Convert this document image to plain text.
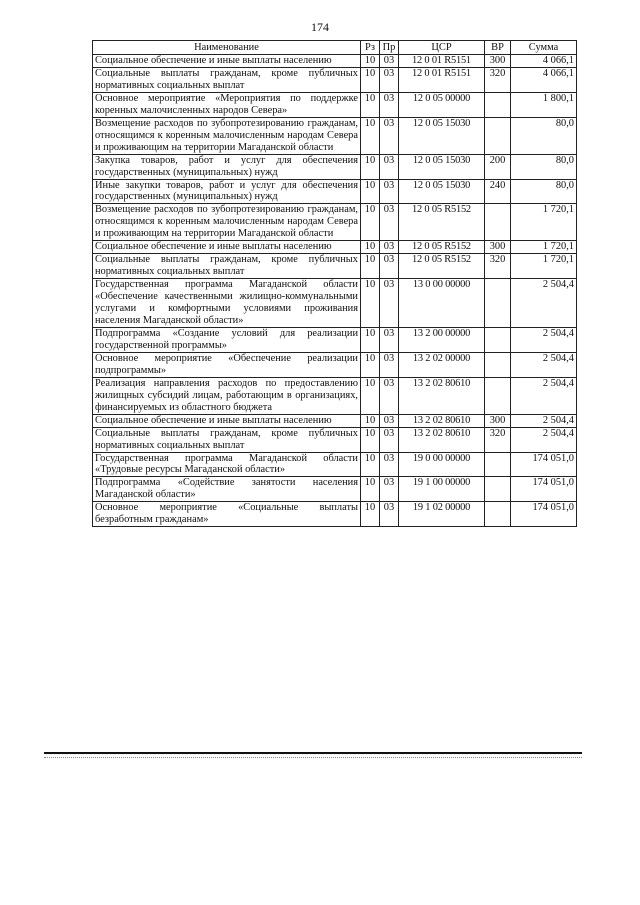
174
Наименование	Рз	Пр	ЦСР	ВР	Сумма
Социальное обеспечение и иные выплаты населению	10	03	12 0 01 R5151	300	4 066,1
Социальные выплаты гражданам, кроме публичных нормативных социальных выплат	10	03	12 0 01 R5151	320	4 066,1
Основное мероприятие «Мероприятия по поддержке коренных малочисленных народов Севера»	10	03	12 0 05 00000		1 800,1
Возмещение расходов по зубопротезированию гражданам, относящимся к коренным малочисленным народам Севера и проживающим на территории Магаданской области	10	03	12 0 05 15030		80,0
Закупка товаров, работ и услуг для обеспечения государственных (муниципальных) нужд	10	03	12 0 05 15030	200	80,0
Иные закупки товаров, работ и услуг для обеспечения государственных (муниципальных) нужд	10	03	12 0 05 15030	240	80,0
Возмещение расходов по зубопротезированию гражданам, относящимся к коренным малочисленным народам Севера и проживающим на территории Магаданской области	10	03	12 0 05 R5152		1 720,1
Социальное обеспечение и иные выплаты населению	10	03	12 0 05 R5152	300	1 720,1
Социальные выплаты гражданам, кроме публичных нормативных социальных выплат	10	03	12 0 05 R5152	320	1 720,1
Государственная программа Магаданской области «Обеспечение качественными жилищно-коммунальными услугами и комфортными условиями проживания населения Магаданской области»	10	03	13 0 00 00000		2 504,4
Подпрограмма «Создание условий для реализации государственной программы»	10	03	13 2 00 00000		2 504,4
Основное мероприятие «Обеспечение реализации подпрограммы»	10	03	13 2 02 00000		2 504,4
Реализация направления расходов по предоставлению жилищных субсидий лицам, работающим в организациях, финансируемых из областного бюджета	10	03	13 2 02 80610		2 504,4
Социальное обеспечение и иные выплаты населению	10	03	13 2 02 80610	300	2 504,4
Социальные выплаты гражданам, кроме публичных нормативных социальных выплат	10	03	13 2 02 80610	320	2 504,4
Государственная программа Магаданской области «Трудовые ресурсы Магаданской области»	10	03	19 0 00 00000		174 051,0
Подпрограмма «Содействие занятости населения Магаданской области»	10	03	19 1 00 00000		174 051,0
Основное мероприятие «Социальные выплаты безработным гражданам»	10	03	19 1 02 00000		174 051,0
